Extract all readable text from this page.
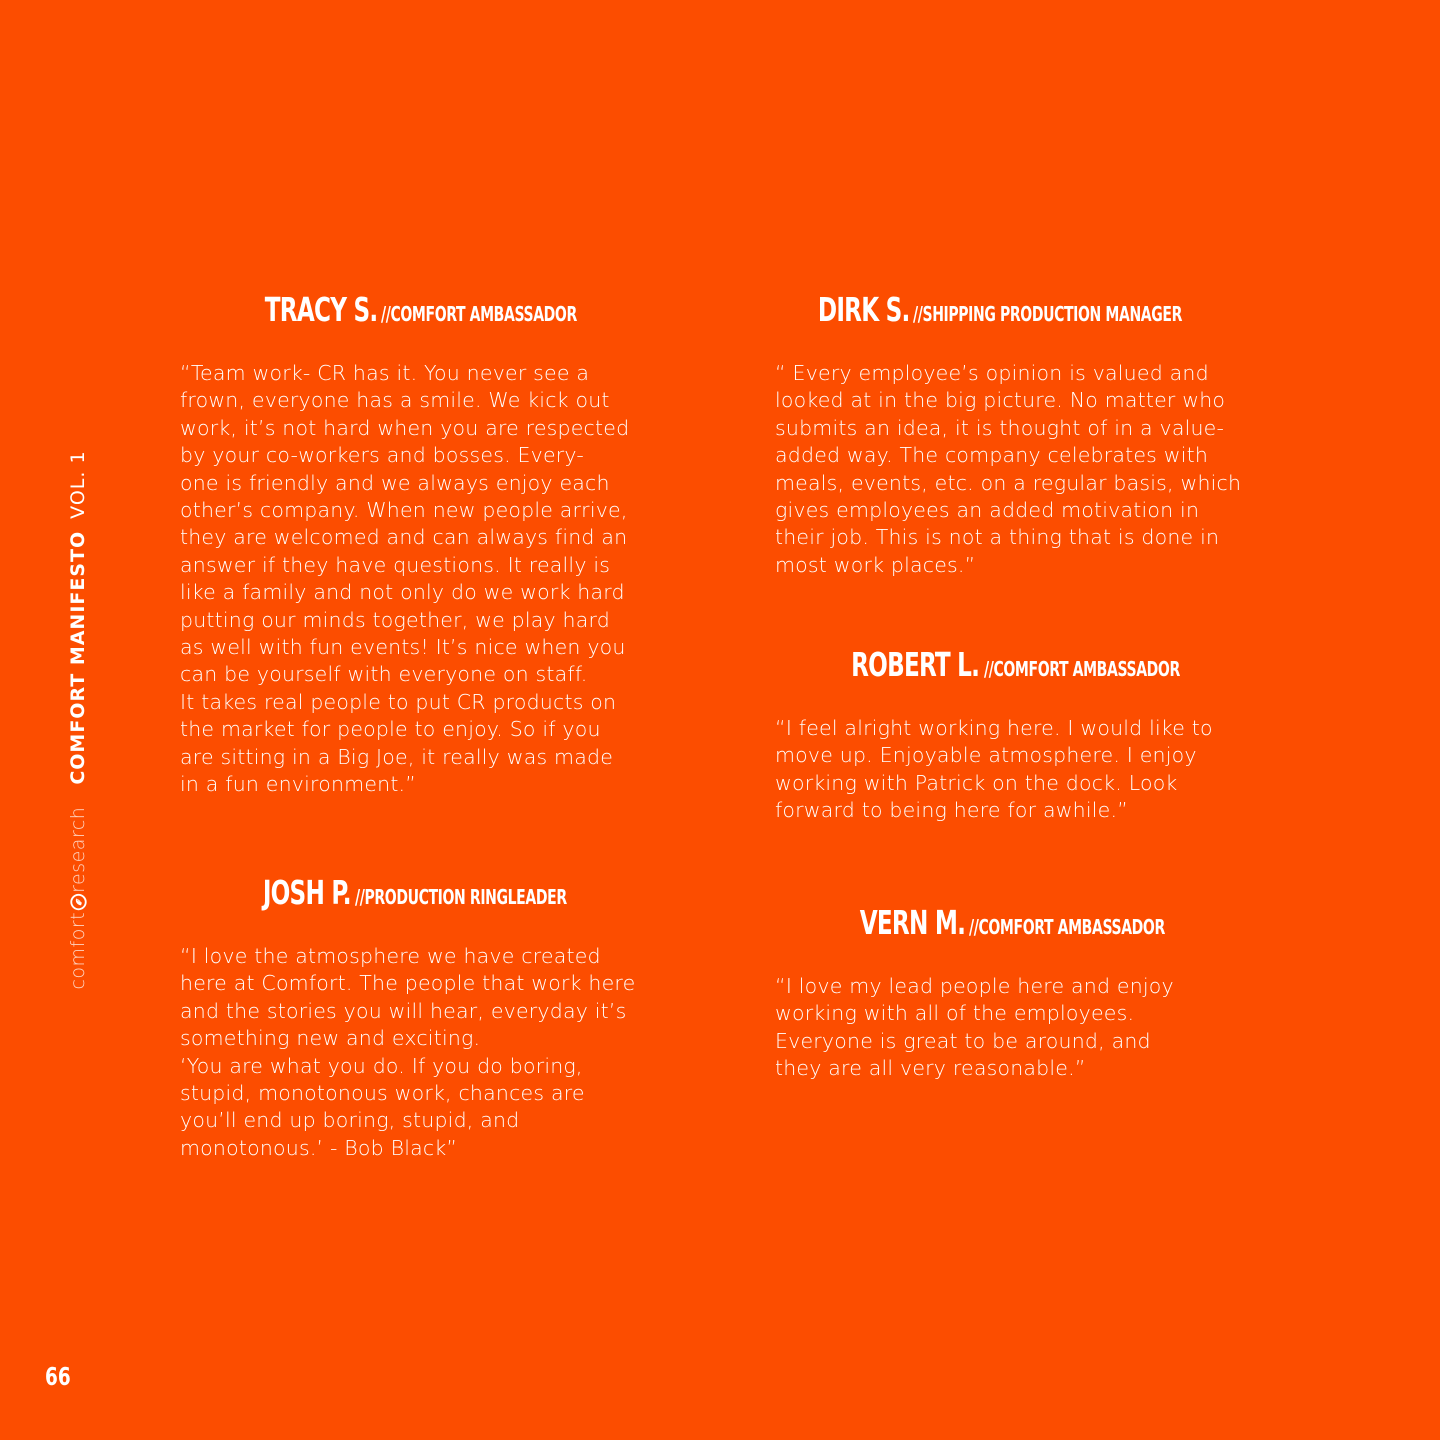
comfort
research
COMFORT MANIFESTO
VOL. 1
TRACY S. //COMFORT AMBASSADOR

“Team work- CR has it. You never see a
frown, everyone has a smile. We kick out
work, it’s not hard when you are respected
by your co-workers and bosses. Every-
one is friendly and we always enjoy each
other’s company. When new people arrive,
they are welcomed and can always find an
answer if they have questions. It really is
like a family and not only do we work hard
putting our minds together, we play hard
as well with fun events! It’s nice when you
can be yourself with everyone on staff.
It takes real people to put CR products on
the market for people to enjoy. So if you
are sitting in a Big Joe, it really was made
in a fun environment.”

JOSH P. //PRODUCTION RINGLEADER

“I love the atmosphere we have created
here at Comfort. The people that work here
and the stories you will hear, everyday it’s
something new and exciting.
‘You are what you do. If you do boring,
stupid, monotonous work, chances are
you’ll end up boring, stupid, and
monotonous.’ - Bob Black”

DIRK S. //SHIPPING PRODUCTION MANAGER

“ Every employee’s opinion is valued and
looked at in the big picture. No matter who
submits an idea, it is thought of in a value-
added way. The company celebrates with
meals, events, etc. on a regular basis, which
gives employees an added motivation in
their job. This is not a thing that is done in
most work places.”

ROBERT L. //COMFORT AMBASSADOR

“I feel alright working here. I would like to
move up. Enjoyable atmosphere. I enjoy
working with Patrick on the dock. Look
forward to being here for awhile.”

VERN M. //COMFORT AMBASSADOR

“I love my lead people here and enjoy
working with all of the employees.
Everyone is great to be around, and
they are all very reasonable.”

66
